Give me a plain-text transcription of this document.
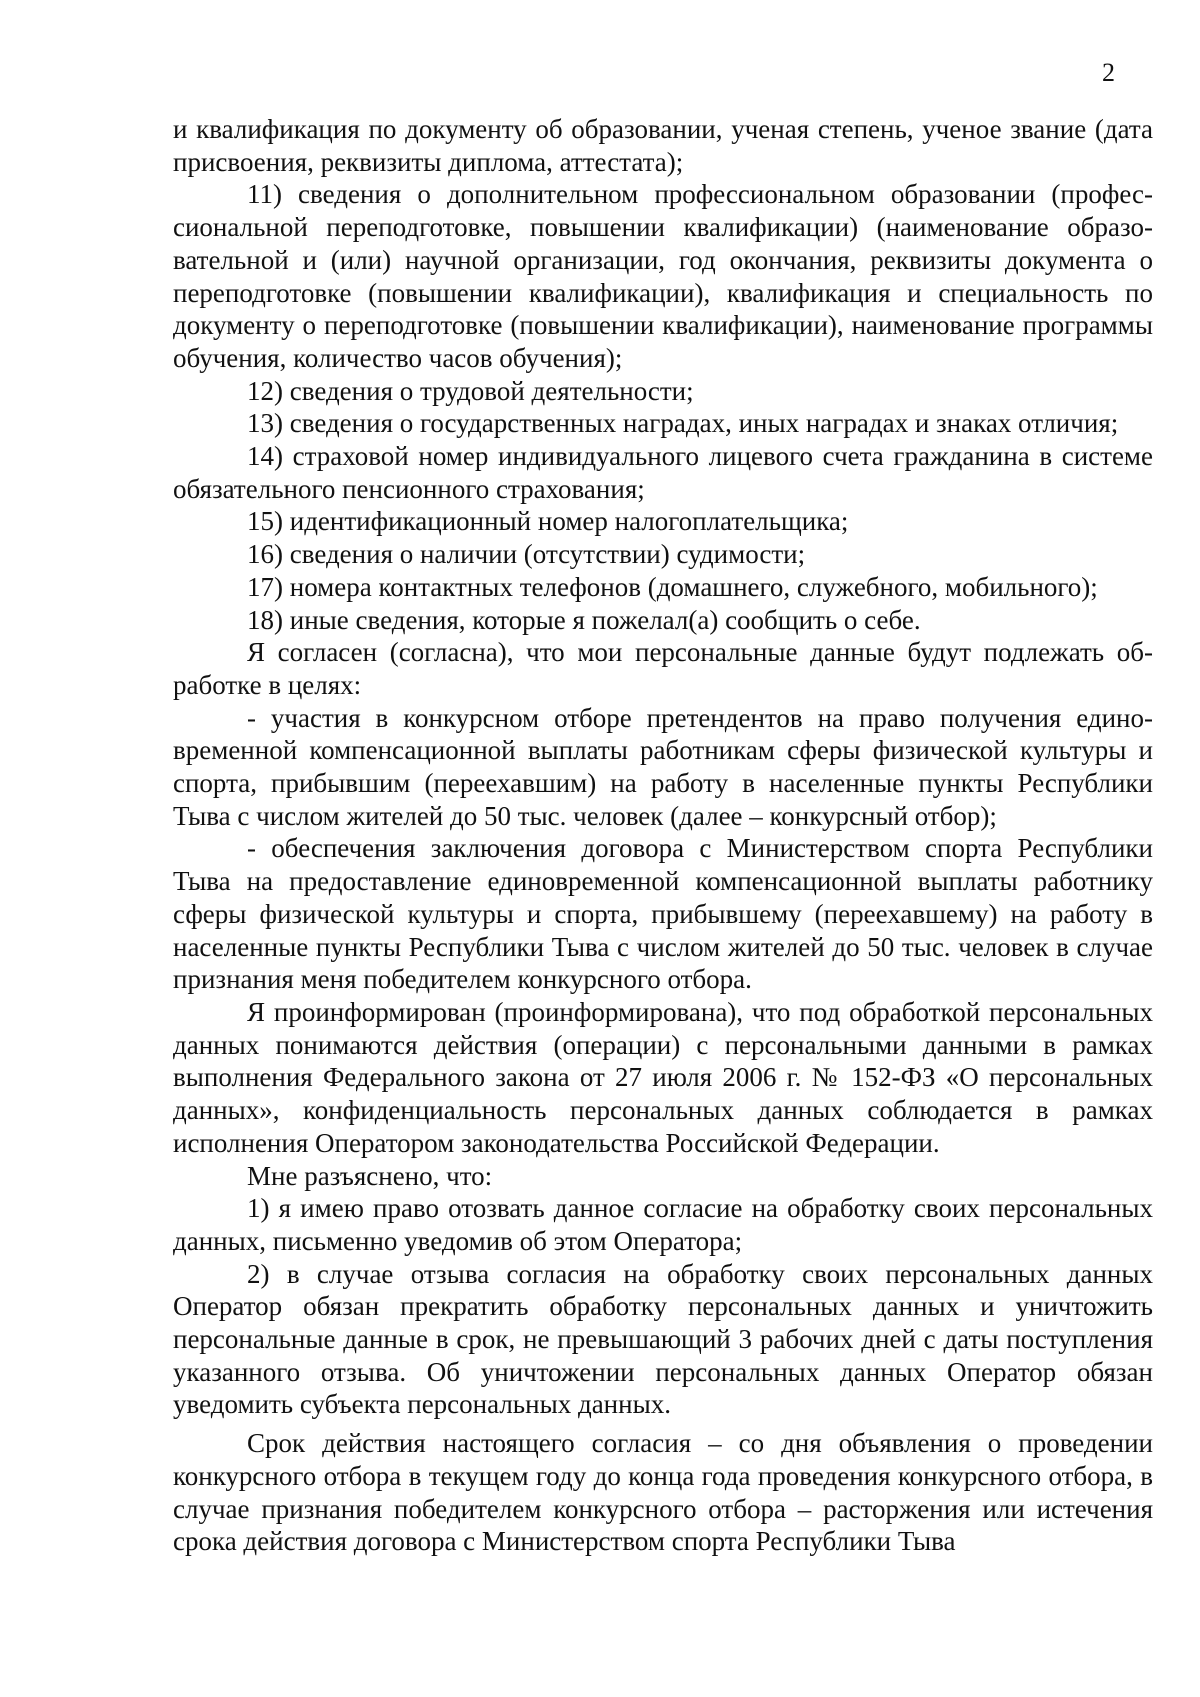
2

и квалификация по документу об образовании, ученая степень, ученое звание (дата присвоения, реквизиты диплома, аттестата);

11) сведения о дополнительном профессиональном образовании (профессиональной переподготовке, повышении квалификации) (наименование образовательной и (или) научной организации, год окончания, реквизиты документа о переподготовке (повышении квалификации), квалификация и специальность по документу о переподготовке (повышении квалификации), наименование программы обучения, количество часов обучения);

12) сведения о трудовой деятельности;

13) сведения о государственных наградах, иных наградах и знаках отличия;

14) страховой номер индивидуального лицевого счета гражданина в системе обязательного пенсионного страхования;

15) идентификационный номер налогоплательщика;

16) сведения о наличии (отсутствии) судимости;

17) номера контактных телефонов (домашнего, служебного, мобильного);

18) иные сведения, которые я пожелал(а) сообщить о себе.

Я согласен (согласна), что мои персональные данные будут подлежать обработке в целях:

- участия в конкурсном отборе претендентов на право получения единовременной компенсационной выплаты работникам сферы физической культуры и спорта, прибывшим (переехавшим) на работу в населенные пункты Республики Тыва с числом жителей до 50 тыс. человек (далее – конкурсный отбор);

- обеспечения заключения договора с Министерством спорта Республики Тыва на предоставление единовременной компенсационной выплаты работнику сферы физической культуры и спорта, прибывшему (переехавшему) на работу в населенные пункты Республики Тыва с числом жителей до 50 тыс. человек в случае признания меня победителем конкурсного отбора.

Я проинформирован (проинформирована), что под обработкой персональных данных понимаются действия (операции) с персональными данными в рамках выполнения Федерального закона от 27 июля 2006 г. № 152-ФЗ «О персональных данных», конфиденциальность персональных данных соблюдается в рамках исполнения Оператором законодательства Российской Федерации.

Мне разъяснено, что:

1) я имею право отозвать данное согласие на обработку своих персональных данных, письменно уведомив об этом Оператора;

2) в случае отзыва согласия на обработку своих персональных данных Оператор обязан прекратить обработку персональных данных и уничтожить персональные данные в срок, не превышающий 3 рабочих дней с даты поступления указанного отзыва. Об уничтожении персональных данных Оператор обязан уведомить субъекта персональных данных.

Срок действия настоящего согласия – со дня объявления о проведении конкурсного отбора в текущем году до конца года проведения конкурсного отбора, в случае признания победителем конкурсного отбора – расторжения или истечения срока действия договора с Министерством спорта Республики Тыва
